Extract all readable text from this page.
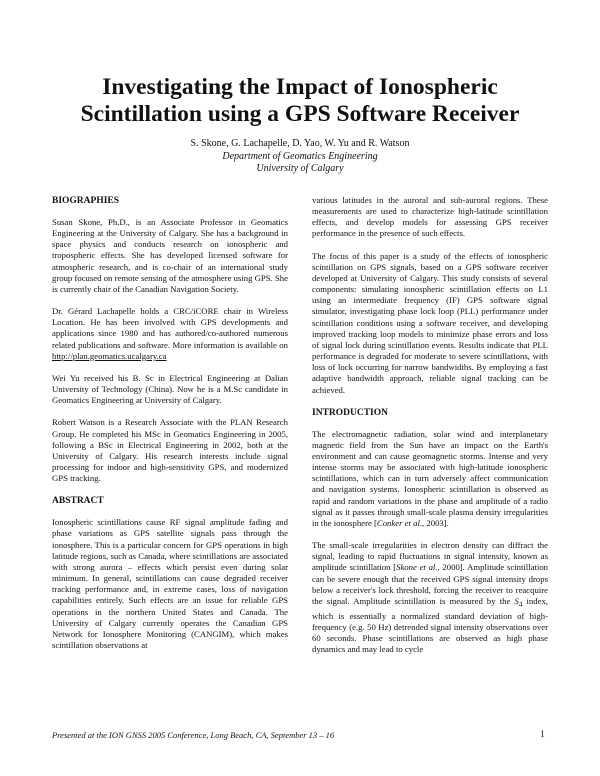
Investigating the Impact of Ionospheric
Scintillation using a GPS Software Receiver
S. Skone, G. Lachapelle, D. Yao, W. Yu and R. Watson
Department of Geomatics Engineering
University of Calgary
BIOGRAPHIES

Susan Skone, Ph.D., is an Associate Professor in Geomatics Engineering at the University of Calgary. She has a background in space physics and conducts research on ionospheric and tropospheric effects. She has developed licensed software for atmospheric research, and is co-chair of an international study group focused on remote sensing of the atmosphere using GPS. She is currently chair of the Canadian Navigation Society.

Dr. Gérard Lachapelle holds a CRC/iCORE chair in Wireless Location. He has been involved with GPS developments and applications since 1980 and has authored/co-authored numerous related publications and software. More information is available on http://plan.geomatics.ucalgary.ca

Wei Yu received his B. Sc in Electrical Engineering at Dalian University of Technology (China). Now he is a M.Sc candidate in Geomatics Engineering at University of Calgary.

Robert Watson is a Research Associate with the PLAN Research Group. He completed his MSc in Geomatics Engineering in 2005, following a BSc in Electrical Engineering in 2002, both at the University of Calgary. His research interests include signal processing for indoor and high-sensitivity GPS, and modernized GPS tracking.

ABSTRACT

Ionospheric scintillations cause RF signal amplitude fading and phase variations as GPS satellite signals pass through the ionosphere. This is a particular concern for GPS operations in high latitude regions, such as Canada, where scintillations are associated with strong aurora – effects which persist even during solar minimum. In general, scintillations can cause degraded receiver tracking performance and, in extreme cases, loss of navigation capabilities entirely. Such effects are an issue for reliable GPS operations in the northern United States and Canada. The University of Calgary currently operates the Canadian GPS Network for Ionosphere Monitoring (CANGIM), which makes scintillation observations at

various latitudes in the auroral and sub-auroral regions. These measurements are used to characterize high-latitude scintillation effects, and develop models for assessing GPS receiver performance in the presence of such effects.

The focus of this paper is a study of the effects of ionospheric scintillation on GPS signals, based on a GPS software receiver developed at University of Calgary. This study consists of several components: simulating ionospheric scintillation effects on L1 using an intermediate frequency (IF) GPS software signal simulator, investigating phase lock loop (PLL) performance under scintillation conditions using a software receiver, and developing improved tracking loop models to minimize phase errors and loss of signal lock during scintillation events. Results indicate that PLL performance is degraded for moderate to severe scintillations, with loss of lock occurring for narrow bandwidths. By employing a fast adaptive bandwidth approach, reliable signal tracking can be achieved.

INTRODUCTION

The electromagnetic radiation, solar wind and interplanetary magnetic field from the Sun have an impact on the Earth's environment and can cause geomagnetic storms. Intense and very intense storms may be associated with high-latitude ionospheric scintillations, which can in turn adversely affect communication and navigation systems. Ionospheric scintillation is observed as rapid and random variations in the phase and amplitude of a radio signal as it passes through small-scale plasma density irregularities in the ionosphere [Conker et al., 2003].

The small-scale irregularities in electron density can diffract the signal, leading to rapid fluctuations in signal intensity, known as amplitude scintillation [Skone et al., 2000]. Amplitude scintillation can be severe enough that the received GPS signal intensity drops below a receiver's lock threshold, forcing the receiver to reacquire the signal. Amplitude scintillation is measured by the $S_4$ index, which is essentially a normalized standard deviation of high-frequency (e.g. 50 Hz) detrended signal intensity observations over 60 seconds. Phase scintillations are observed as high phase dynamics and may lead to cycle

Presented at the ION GNSS 2005 Conference, Long Beach, CA, September 13 – 16	1
